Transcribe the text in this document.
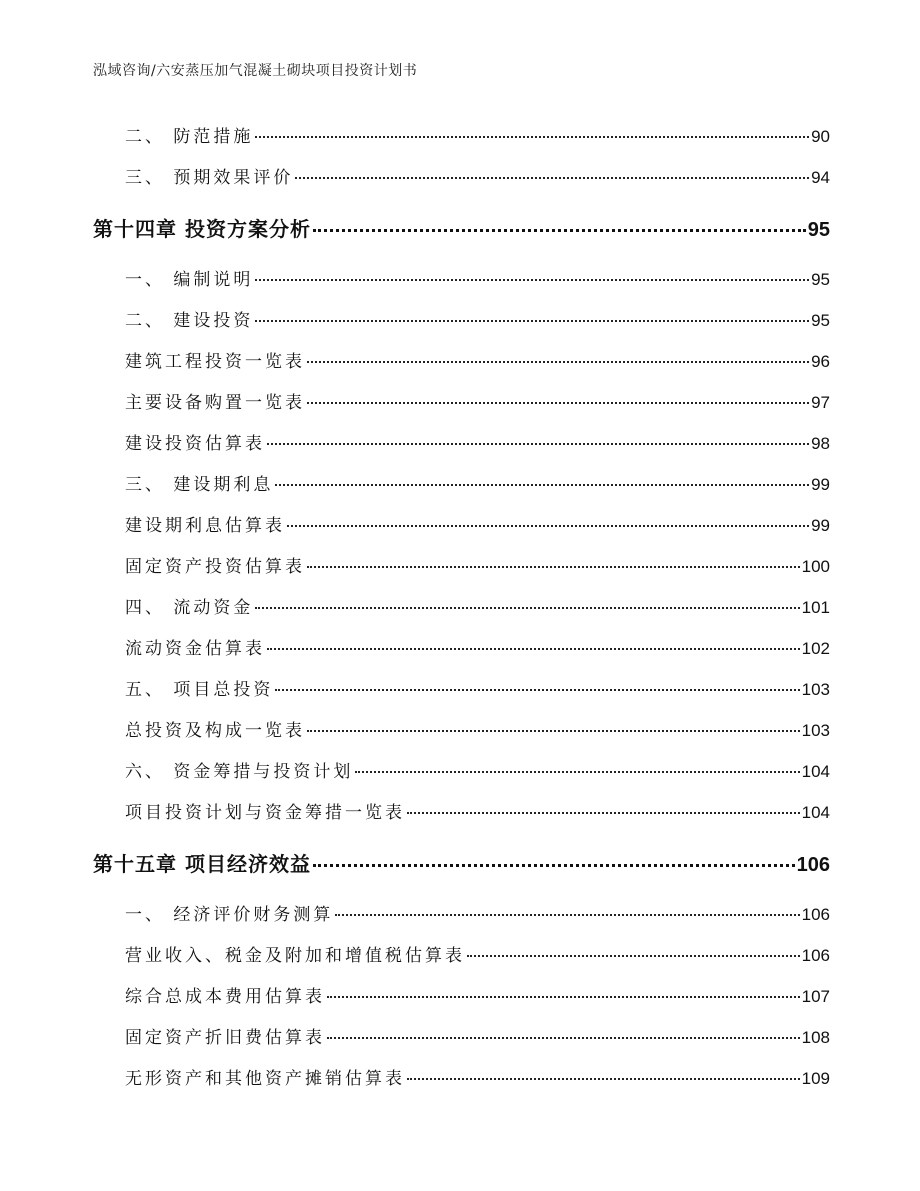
泓域咨询/六安蒸压加气混凝土砌块项目投资计划书
二、 防范措施	90
三、 预期效果评价	94
第十四章 投资方案分析	95
一、 编制说明	95
二、 建设投资	95
建筑工程投资一览表	96
主要设备购置一览表	97
建设投资估算表	98
三、 建设期利息	99
建设期利息估算表	99
固定资产投资估算表	100
四、 流动资金	101
流动资金估算表	102
五、 项目总投资	103
总投资及构成一览表	103
六、 资金筹措与投资计划	104
项目投资计划与资金筹措一览表	104
第十五章 项目经济效益	106
一、 经济评价财务测算	106
营业收入、税金及附加和增值税估算表	106
综合总成本费用估算表	107
固定资产折旧费估算表	108
无形资产和其他资产摊销估算表	109
